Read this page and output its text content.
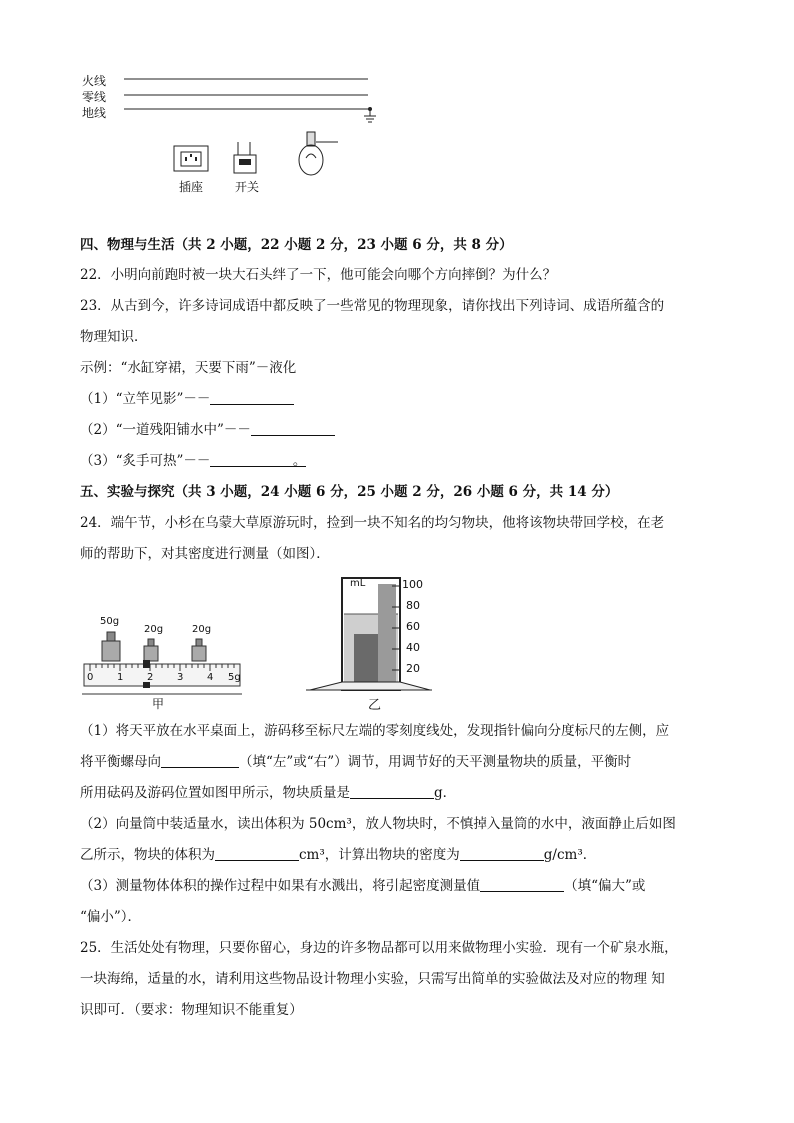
火线
零线
地线
插座	开关
四、物理与生活（共 2 小题，22 小题 2 分，23 小题 6 分，共 8 分）
22．小明向前跑时被一块大石头绊了一下，他可能会向哪个方向摔倒？为什么？
23．从古到今，许多诗词成语中都反映了一些常见的物理现象，请你找出下列诗词、成语所蕴含的
物理知识．
示例：“水缸穿裙，天要下雨”－液化
（1）“立竿见影”－－
（2）“一道残阳铺水中”－－
（3）“炙手可热”－－	。
五、实验与探究（共 3 小题，24 小题 6 分，25 小题 2 分，26 小题 6 分，共 14 分）
24．端午节，小杉在乌蒙大草原游玩时，捡到一块不知名的均匀物块，他将该物块带回学校，在老
师的帮助下，对其密度进行测量（如图）．
50g
20g	20g
0 1 2 3 4 5g
甲
mL	100
80
60
40
20
乙
（1）将天平放在水平桌面上，游码移至标尺左端的零刻度线处，发现指针偏向分度标尺的左侧，应
将平衡螺母向	（填“左”或“右”）调节，用调节好的天平测量物块的质量，平衡时
所用砝码及游码位置如图甲所示，物块质量是	g．
（2）向量筒中装适量水，读出体积为 50cm³，放人物块时，不慎掉入量筒的水中，液面静止后如图
乙所示，物块的体积为	cm³，计算出物块的密度为	g/cm³．
（3）测量物体体积的操作过程中如果有水溅出，将引起密度测量值	（填“偏大”或
“偏小”）．
25．生活处处有物理，只要你留心，身边的许多物品都可以用来做物理小实验．现有一个矿泉水瓶，
一块海绵，适量的水，请利用这些物品设计物理小实验，只需写出简单的实验做法及对应的物理 知
识即可．（要求：物理知识不能重复）
